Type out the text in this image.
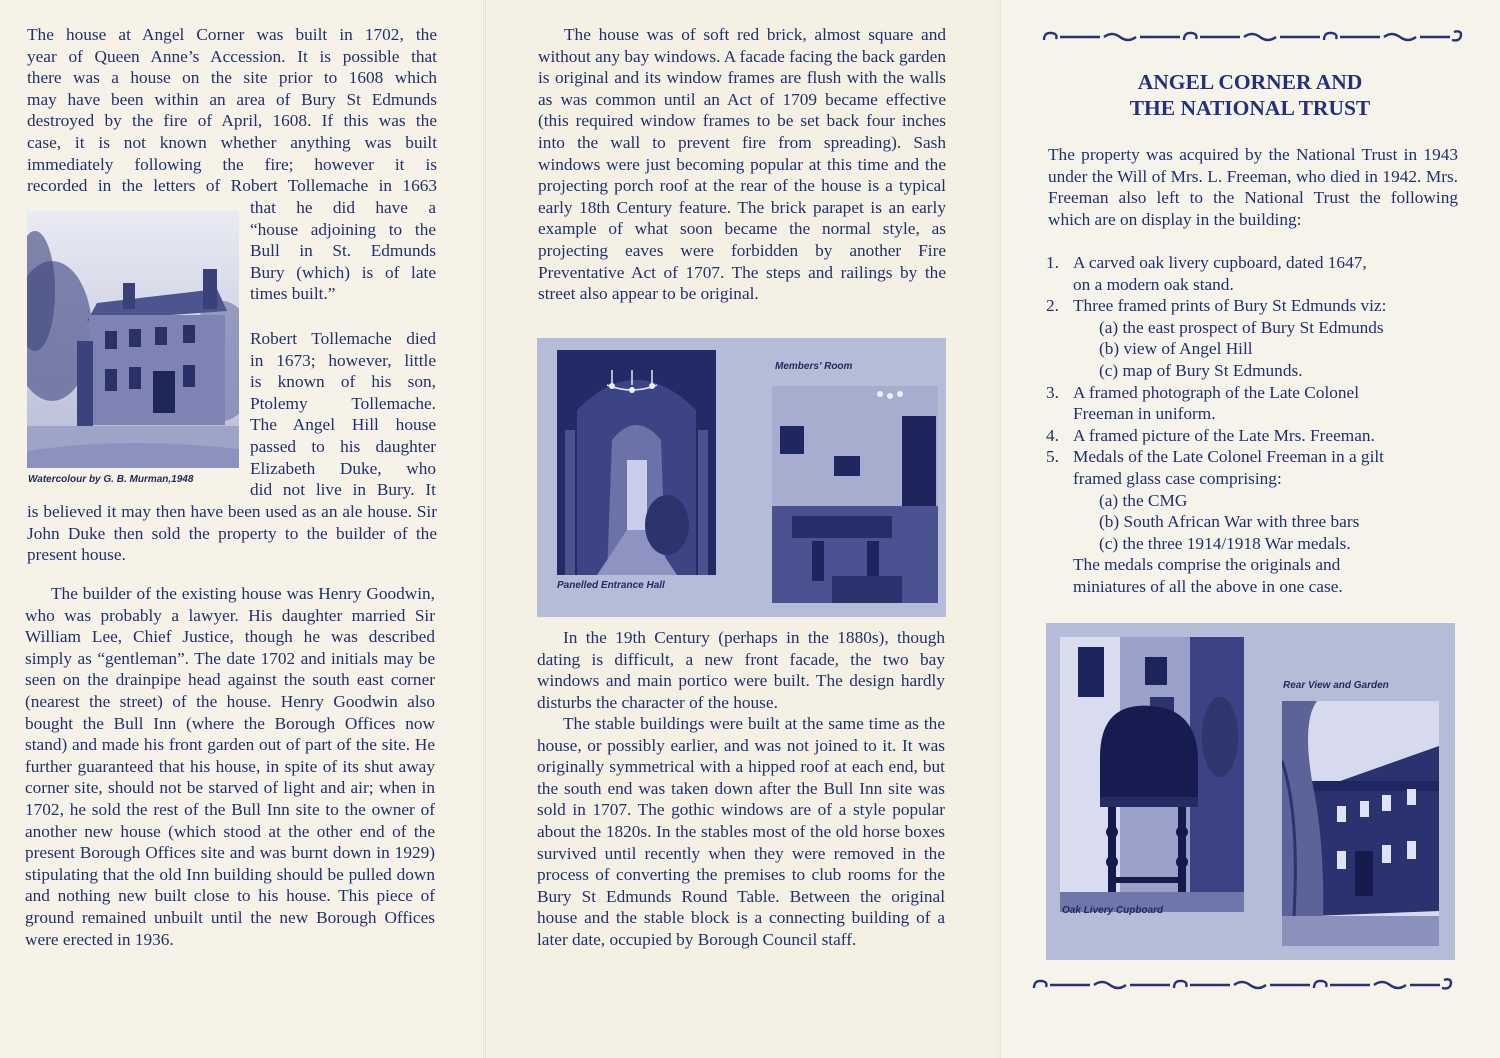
The house at Angel Corner was built in 1702, the
year of Queen Anne’s Accession. It is possible that
there was a house on the site prior to 1608 which
may have been within an area of Bury St Edmunds
destroyed by the fire of April, 1608. If this was the
case, it is not known whether anything was built
immediately following the fire; however it is
recorded in the letters of Robert Tollemache in 1663
Watercolour by G. B. Murman,1948
that he did have a
“house adjoining to the
Bull in St. Edmunds
Bury (which) is of late
times built.”
Robert Tollemache died
in 1673; however, little
is known of his son,
Ptolemy Tollemache.
The Angel Hill house
passed to his daughter
Elizabeth Duke, who
did not live in Bury. It

is believed it may then have been used as an ale house. Sir John Duke then sold the property to the builder of the present house.

The builder of the existing house was Henry Goodwin, who was probably a lawyer. His daughter married Sir William Lee, Chief Justice, though he was described simply as “gentleman”. The date 1702 and initials may be seen on the drainpipe head against the south east corner (nearest the street) of the house. Henry Goodwin also bought the Bull Inn (where the Borough Offices now stand) and made his front garden out of part of the site. He further guaranteed that his house, in spite of its shut away corner site, should not be starved of light and air; when in 1702, he sold the rest of the Bull Inn site to the owner of another new house (which stood at the other end of the present Borough Offices site and was burnt down in 1929) stipulating that the old Inn building should be pulled down and nothing new built close to his house. This piece of ground remained unbuilt until the new Borough Offices were erected in 1936.

The house was of soft red brick, almost square and without any bay windows. A facade facing the back garden is original and its window frames are flush with the walls as was common until an Act of 1709 became effective (this required window frames to be set back four inches into the wall to prevent fire from spreading). Sash windows were just becoming popular at this time and the projecting porch roof at the rear of the house is a typical early 18th Century feature. The brick parapet is an early example of what soon became the normal style, as projecting eaves were forbidden by another Fire Preventative Act of 1707. The steps and railings by the street also appear to be original.

Members’ Room
Panelled Entrance Hall

In the 19th Century (perhaps in the 1880s), though dating is difficult, a new front facade, the two bay windows and main portico were built. The design hardly disturbs the character of the house.

The stable buildings were built at the same time as the house, or possibly earlier, and was not joined to it. It was originally symmetrical with a hipped roof at each end, but the south end was taken down after the Bull Inn site was sold in 1707. The gothic windows are of a style popular about the 1820s. In the stables most of the old horse boxes survived until recently when they were removed in the process of converting the premises to club rooms for the Bury St Edmunds Round Table. Between the original house and the stable block is a connecting building of a later date, occupied by Borough Council staff.

ANGEL CORNER AND
THE NATIONAL TRUST

The property was acquired by the National Trust in 1943 under the Will of Mrs. L. Freeman, who died in 1942. Mrs. Freeman also left to the National Trust the following which are on display in the building:

1. A carved oak livery cupboard, dated 1647,
on a modern oak stand.
2. Three framed prints of Bury St Edmunds viz:
(a) the east prospect of Bury St Edmunds
(b) view of Angel Hill
(c) map of Bury St Edmunds.
3. A framed photograph of the Late Colonel
Freeman in uniform.
4. A framed picture of the Late Mrs. Freeman.
5. Medals of the Late Colonel Freeman in a gilt
framed glass case comprising:
(a) the CMG
(b) South African War with three bars
(c) the three 1914/1918 War medals.
The medals comprise the originals and
miniatures of all the above in one case.
Rear View and Garden
Oak Livery Cupboard
